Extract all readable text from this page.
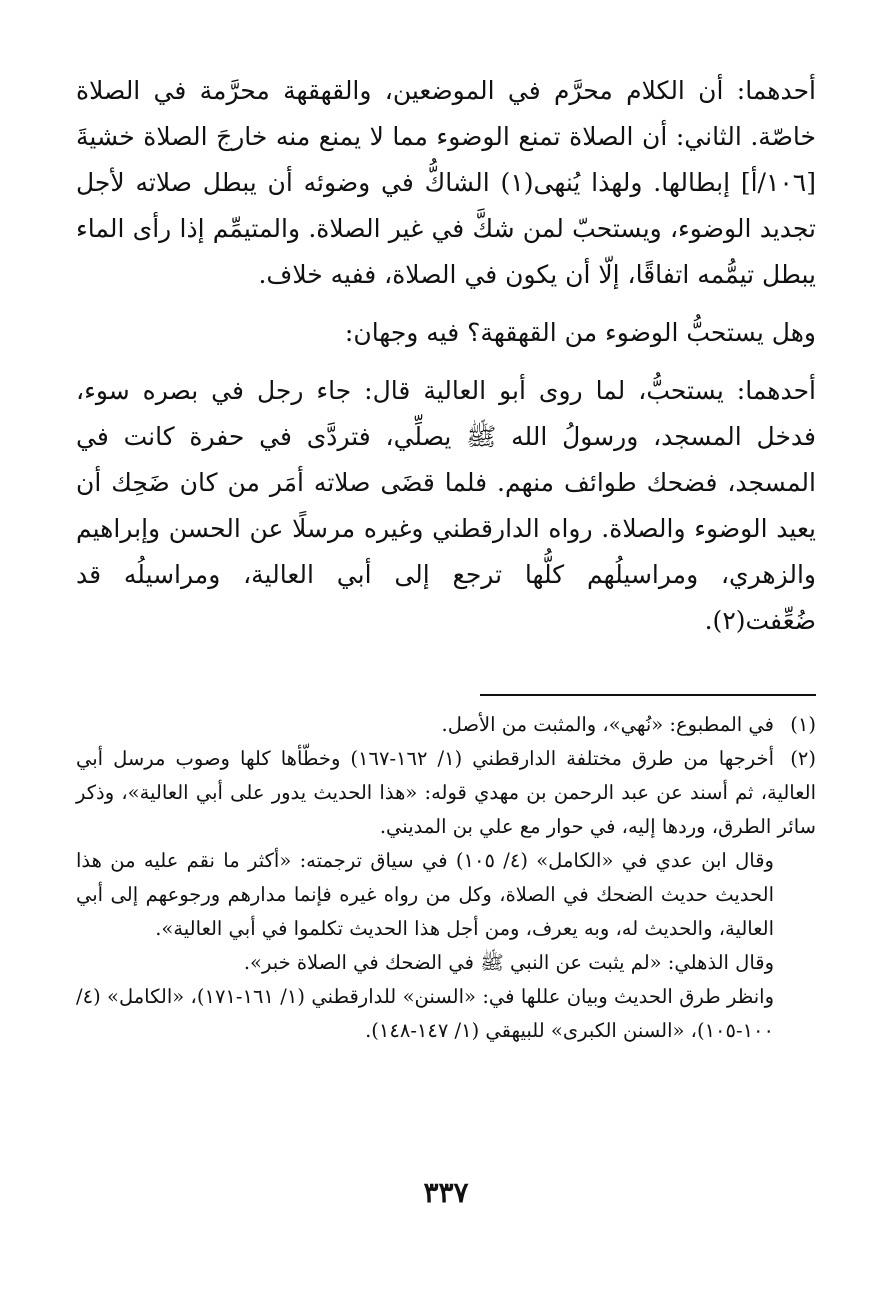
أحدهما: أن الكلام محرَّم في الموضعين، والقهقهة محرَّمة في الصلاة خاصّة. الثاني: أن الصلاة تمنع الوضوء مما لا يمنع منه خارجَ الصلاة خشيةَ [١٠٦/أ] إبطالها. ولهذا يُنهى(١) الشاكُّ في وضوئه أن يبطل صلاته لأجل تجديد الوضوء، ويستحبّ لمن شكَّ في غير الصلاة. والمتيمِّم إذا رأى الماء يبطل تيمُّمه اتفاقًا، إلّا أن يكون في الصلاة، ففيه خلاف.

وهل يستحبُّ الوضوء من القهقهة؟ فيه وجهان:

أحدهما: يستحبُّ، لما روى أبو العالية قال: جاء رجل في بصره سوء، فدخل المسجد، ورسولُ الله ﷺ يصلِّي، فتردَّى في حفرة كانت في المسجد، فضحك طوائف منهم. فلما قضَى صلاته أمَر من كان ضَحِك أن يعيد الوضوء والصلاة. رواه الدارقطني وغيره مرسلًا عن الحسن وإبراهيم والزهري، ومراسيلُهم كلُّها ترجع إلى أبي العالية، ومراسيلُه قد ضُعِّفت(٢).

(١)في المطبوع: «نُهي»، والمثبت من الأصل.

(٢)أخرجها من طرق مختلفة الدارقطني (١/ ١٦٢-١٦٧) وخطّأها كلها وصوب مرسل أبي العالية، ثم أسند عن عبد الرحمن بن مهدي قوله: «هذا الحديث يدور على أبي العالية»، وذكر سائر الطرق، وردها إليه، في حوار مع علي بن المديني.

وقال ابن عدي في «الكامل» (٤/ ١٠٥) في سياق ترجمته: «أكثر ما نقم عليه من هذا الحديث حديث الضحك في الصلاة، وكل من رواه غيره فإنما مدارهم ورجوعهم إلى أبي العالية، والحديث له، وبه يعرف، ومن أجل هذا الحديث تكلموا في أبي العالية».

وقال الذهلي: «لم يثبت عن النبي ﷺ في الضحك في الصلاة خبر».

وانظر طرق الحديث وبيان عللها في: «السنن» للدارقطني (١/ ١٦١-١٧١)، «الكامل» (٤/ ١٠٠-١٠٥)، «السنن الكبرى» للبيهقي (١/ ١٤٧-١٤٨).

٣٣٧
